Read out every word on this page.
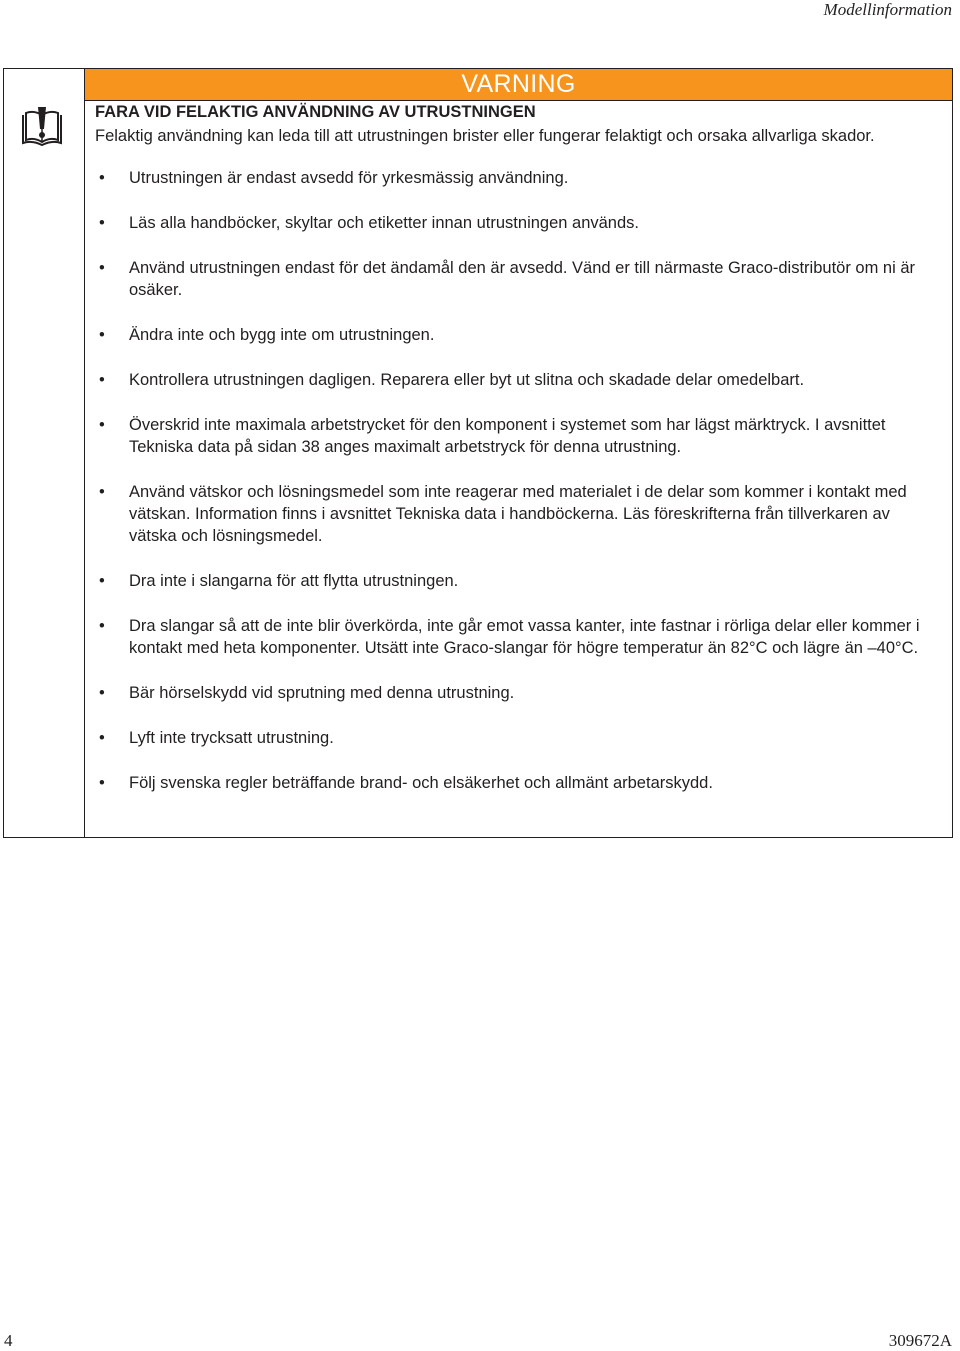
Modellinformation
VARNING

FARA VID FELAKTIG ANVÄNDNING AV UTRUSTNINGEN

Felaktig användning kan leda till att utrustningen brister eller fungerar felaktigt och orsaka allvarliga skador.

• Utrustningen är endast avsedd för yrkesmässig användning.
• Läs alla handböcker, skyltar och etiketter innan utrustningen används.
• Använd utrustningen endast för det ändamål den är avsedd. Vänd er till närmaste Graco-distributör om ni är osäker.
• Ändra inte och bygg inte om utrustningen.
• Kontrollera utrustningen dagligen. Reparera eller byt ut slitna och skadade delar omedelbart.
• Överskrid inte maximala arbetstrycket för den komponent i systemet som har lägst märktryck. I avsnittet Tekniska data på sidan 38 anges maximalt arbetstryck för denna utrustning.
• Använd vätskor och lösningsmedel som inte reagerar med materialet i de delar som kommer i kontakt med vätskan. Information finns i avsnittet Tekniska data i handböckerna. Läs föreskrifterna från tillverkaren av vätska och lösningsmedel.
• Dra inte i slangarna för att flytta utrustningen.
• Dra slangar så att de inte blir överkörda, inte går emot vassa kanter, inte fastnar i rörliga delar eller kommer i kontakt med heta komponenter. Utsätt inte Graco-slangar för högre temperatur än 82°C och lägre än –40°C.
• Bär hörselskydd vid sprutning med denna utrustning.
• Lyft inte trycksatt utrustning.
• Följ svenska regler beträffande brand- och elsäkerhet och allmänt arbetarskydd.
4	309672A
